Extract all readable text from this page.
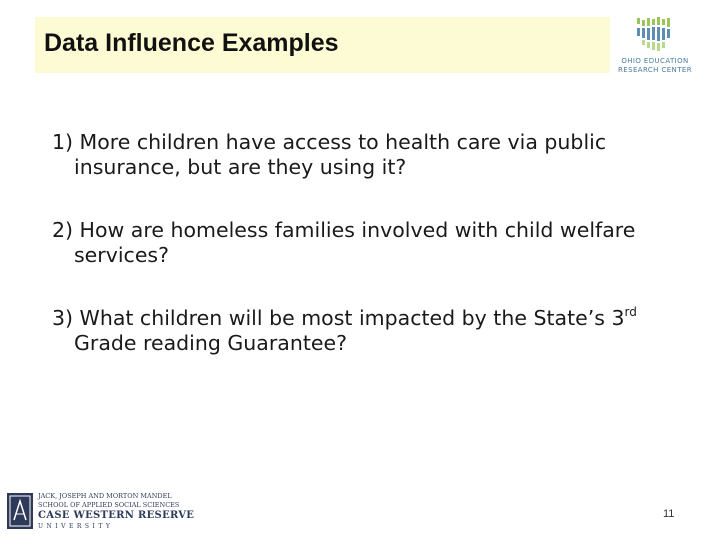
Data Influence Examples
OHIO EDUCATION
RESEARCH CENTER
1) More children have access to health care via public
insurance, but are they using it?
2) How are homeless families involved with child welfare
services?
3) What children will be most impacted by the State’s 3rd
Grade reading Guarantee?
JACK, JOSEPH AND MORTON MANDEL
SCHOOL OF APPLIED SOCIAL SCIENCES
CASE WESTERN RESERVE
UNIVERSITY
11
